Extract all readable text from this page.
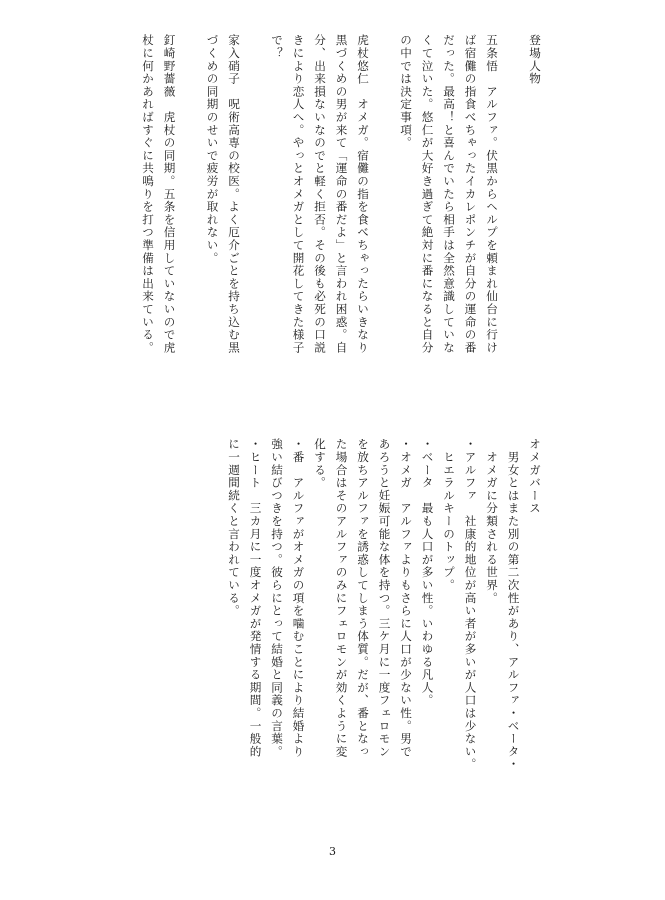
登場人物
五条悟　アルファ。伏黒からヘルプを頼まれ仙台に行け
ば宿儺の指食べちゃったイカレポンチが自分の運命の番
だった。最高！と喜んでいたら相手は全然意識していな
くて泣いた。悠仁が大好き過ぎて絶対に番になると自分
の中では決定事項。
虎杖悠仁　オメガ。宿儺の指を食べちゃったらいきなり
黒づくめの男が来て「運命の番だよ」と言われ困惑。自
分、出来損ないなのでと軽く拒否。その後も必死の口説
きにより恋人へ。やっとオメガとして開花してきた様子
で？
家入硝子　呪術高専の校医。よく厄介ごとを持ち込む黒
づくめの同期のせいで疲労が取れない。
釘崎野薔薇　虎杖の同期。五条を信用していないので虎
杖に何かあればすぐに共鳴りを打つ準備は出来ている。
オメガバース
　男女とはまた別の第二次性があり、アルファ・ベータ・
　オメガに分類される世界。
・アルファ　社康的地位が高い者が多いが人口は少ない。
　ヒエラルキーのトップ。
・ベータ　最も人口が多い性。いわゆる凡人。
・オメガ　アルファよりもさらに人口が少ない性。男で
あろうと妊娠可能な体を持つ。三ケ月に一度フェロモン
を放ちアルファを誘惑してしまう体質。だが、番となっ
た場合はそのアルファのみにフェロモンが効くように変
化する。
・番　アルファがオメガの項を噛むことにより結婚より
強い結びつきを持つ。彼らにとって結婚と同義の言葉。
・ヒート　三カ月に一度オメガが発情する期間。一般的
に一週間続くと言われている。
3
